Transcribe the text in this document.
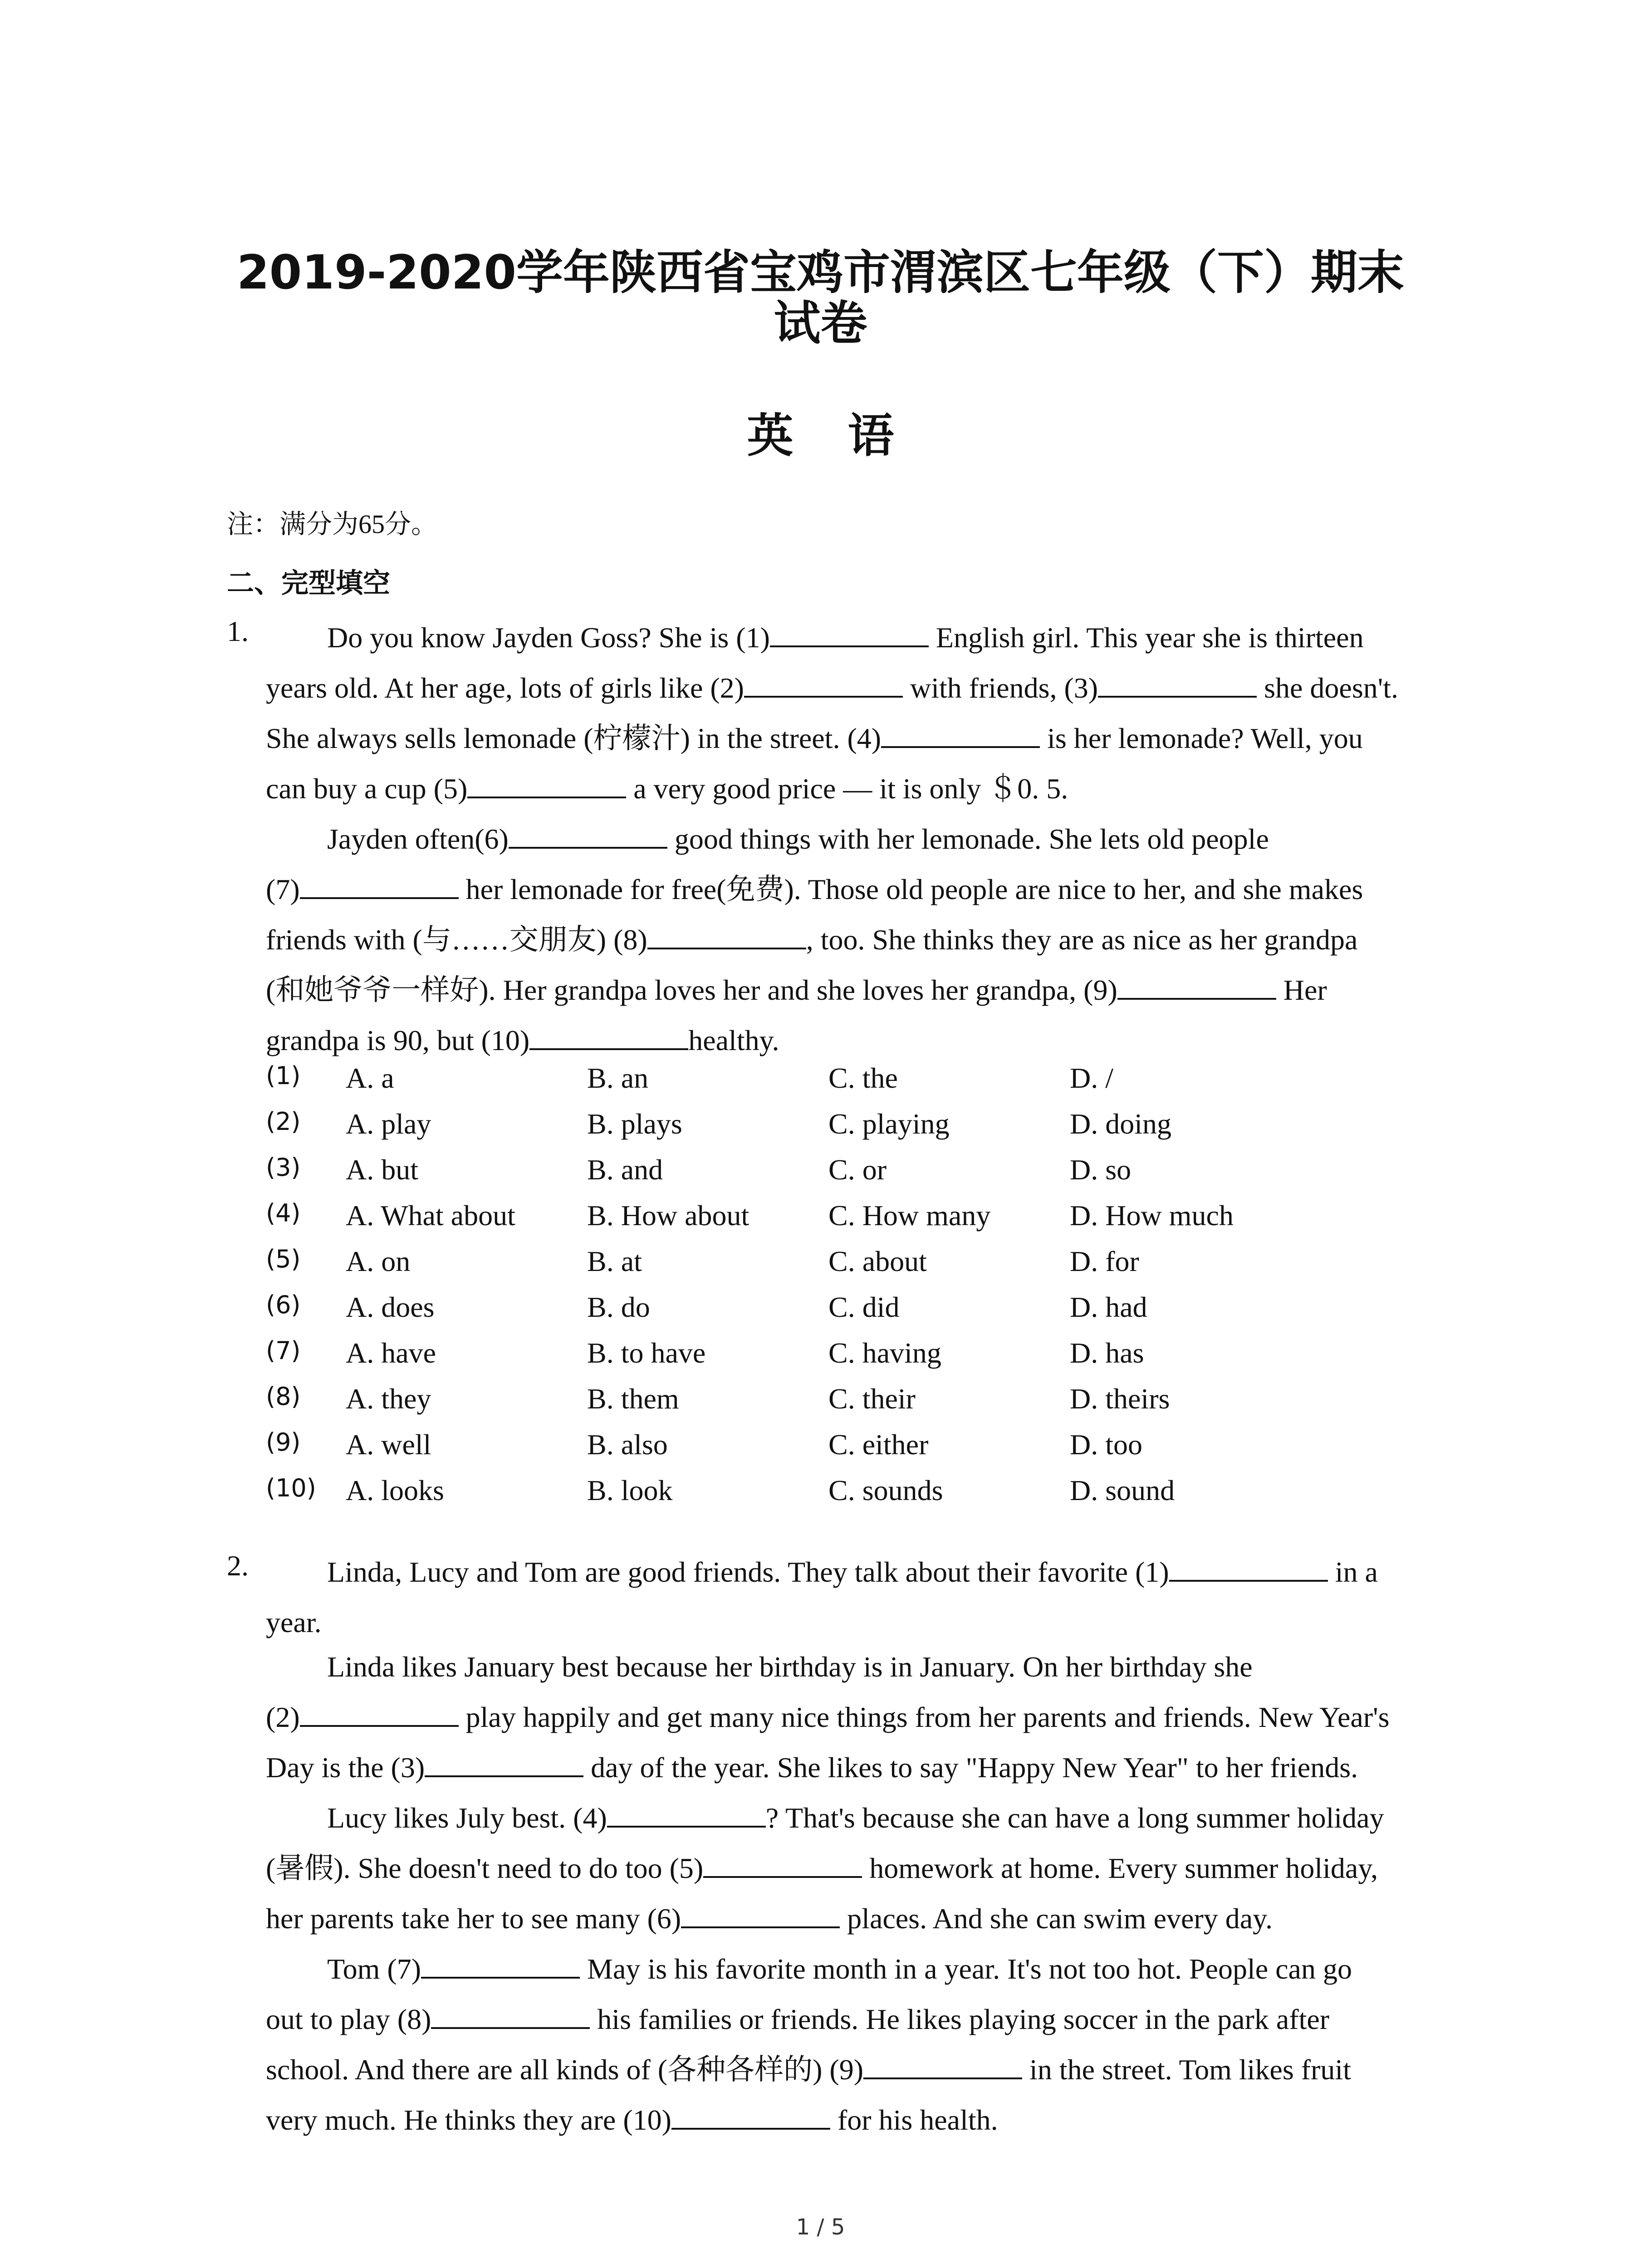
2019-2020学年陕西省宝鸡市渭滨区七年级（下）期末
试卷
英语
注：满分为65分。
二、完型填空
1.	Do you know Jayden Goss? She is (1)	English girl. This year she is thirteen
years old. At her age, lots of girls like (2)	with friends, (3)	she doesn't.
She always sells lemonade (柠檬汁) in the street. (4)	is her lemonade? Well, you
can buy a cup (5)	a very good price — it is only ＄0. 5.
Jayden often(6)	good things with her lemonade. She lets old people
(7)	her lemonade for free(免费). Those old people are nice to her, and she makes
friends with (与……交朋友) (8)	, too. She thinks they are as nice as her grandpa
(和她爷爷一样好). Her grandpa loves her and she loves her grandpa, (9)	Her
grandpa is 90, but (10)	healthy.
(1) A. a	B. an	C. the	D. /
(2) A. play	B. plays	C. playing	D. doing
(3) A. but	B. and	C. or	D. so
(4) A. What about B. How about	C. How many	D. How much
(5) A. on	B. at	C. about	D. for
(6) A. does	B. do	C. did	D. had
(7) A. have	B. to have	C. having	D. has
(8) A. they	B. them	C. their	D. theirs
(9) A. well	B. also	C. either	D. too
(10) A. looks	B. look	C. sounds	D. sound
2.	Linda, Lucy and Tom are good friends. They talk about their favorite (1)	in a
year.
Linda likes January best because her birthday is in January. On her birthday she
(2)	play happily and get many nice things from her parents and friends. New Year's
Day is the (3)	day of the year. She likes to say "Happy New Year" to her friends.
Lucy likes July best. (4)	? That's because she can have a long summer holiday
(暑假). She doesn't need to do too (5)	homework at home. Every summer holiday,
her parents take her to see many (6)	places. And she can swim every day.
Tom (7)	May is his favorite month in a year. It's not too hot. People can go
out to play (8)	his families or friends. He likes playing soccer in the park after
school. And there are all kinds of (各种各样的) (9)	in the street. Tom likes fruit
very much. He thinks they are (10)	for his health.
1 / 5
